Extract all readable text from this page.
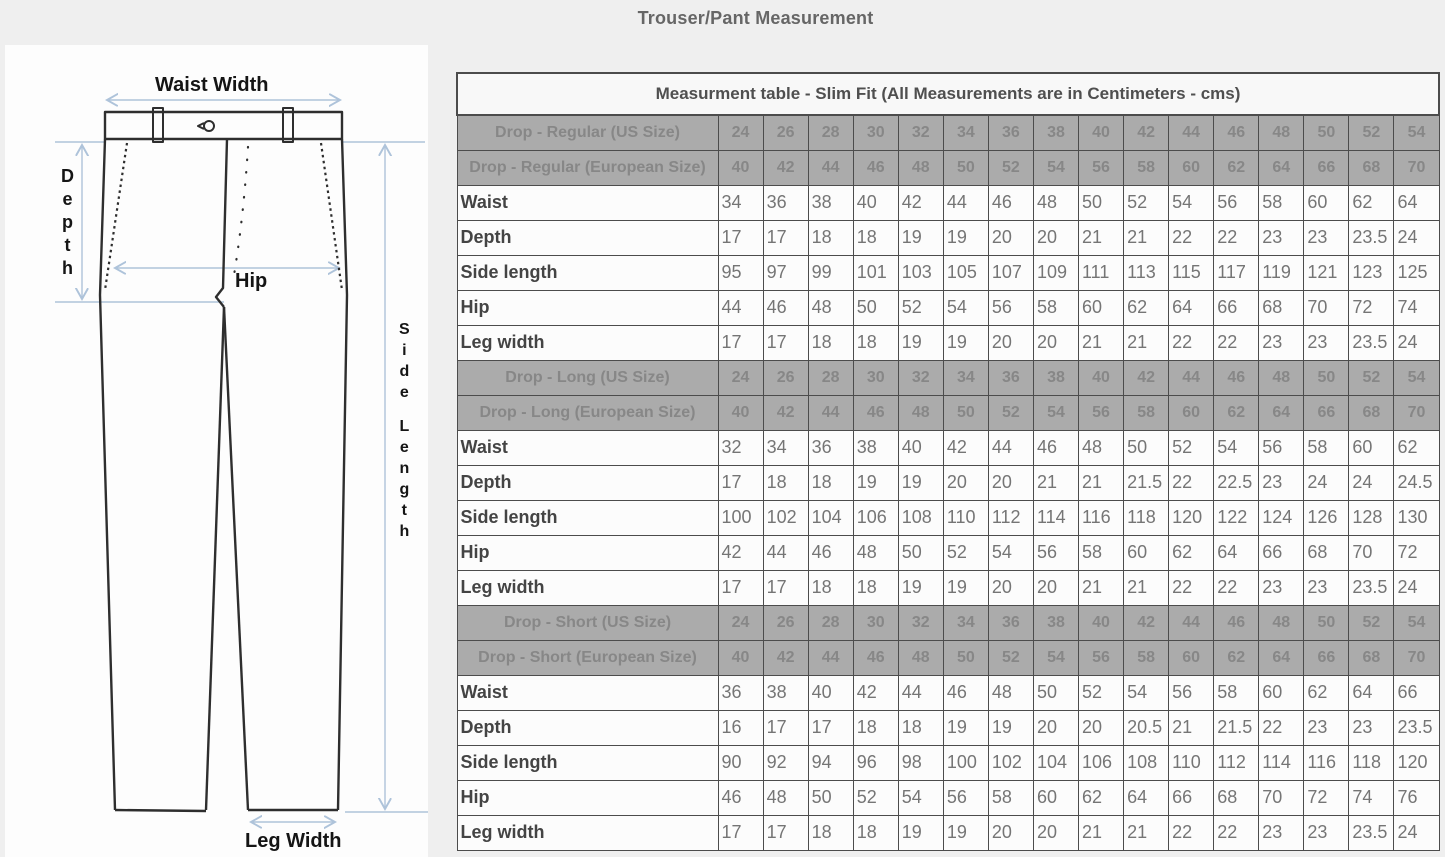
Trouser/Pant Measurement
Waist Width
D
e
p
t
h
Hip
S
i
d
e
L
e
n
g
t
h
Leg Width
Measurment table - Slim Fit (All Measurements are in Centimeters - cms)																
Drop - Regular (US Size)	24	26	28	30	32	34	36	38	40	42	44	46	48	50	52	54
Drop - Regular (European Size)	40	42	44	46	48	50	52	54	56	58	60	62	64	66	68	70
Waist	34	36	38	40	42	44	46	48	50	52	54	56	58	60	62	64
Depth	17	17	18	18	19	19	20	20	21	21	22	22	23	23	23.5	24
Side length	95	97	99	101	103	105	107	109	111	113	115	117	119	121	123	125
Hip	44	46	48	50	52	54	56	58	60	62	64	66	68	70	72	74
Leg width	17	17	18	18	19	19	20	20	21	21	22	22	23	23	23.5	24
Drop - Long (US Size)	24	26	28	30	32	34	36	38	40	42	44	46	48	50	52	54
Drop - Long (European Size)	40	42	44	46	48	50	52	54	56	58	60	62	64	66	68	70
Waist	32	34	36	38	40	42	44	46	48	50	52	54	56	58	60	62
Depth	17	18	18	19	19	20	20	21	21	21.5	22	22.5	23	24	24	24.5
Side length	100	102	104	106	108	110	112	114	116	118	120	122	124	126	128	130
Hip	42	44	46	48	50	52	54	56	58	60	62	64	66	68	70	72
Leg width	17	17	18	18	19	19	20	20	21	21	22	22	23	23	23.5	24
Drop - Short (US Size)	24	26	28	30	32	34	36	38	40	42	44	46	48	50	52	54
Drop - Short (European Size)	40	42	44	46	48	50	52	54	56	58	60	62	64	66	68	70
Waist	36	38	40	42	44	46	48	50	52	54	56	58	60	62	64	66
Depth	16	17	17	18	18	19	19	20	20	20.5	21	21.5	22	23	23	23.5
Side length	90	92	94	96	98	100	102	104	106	108	110	112	114	116	118	120
Hip	46	48	50	52	54	56	58	60	62	64	66	68	70	72	74	76
Leg width	17	17	18	18	19	19	20	20	21	21	22	22	23	23	23.5	24
